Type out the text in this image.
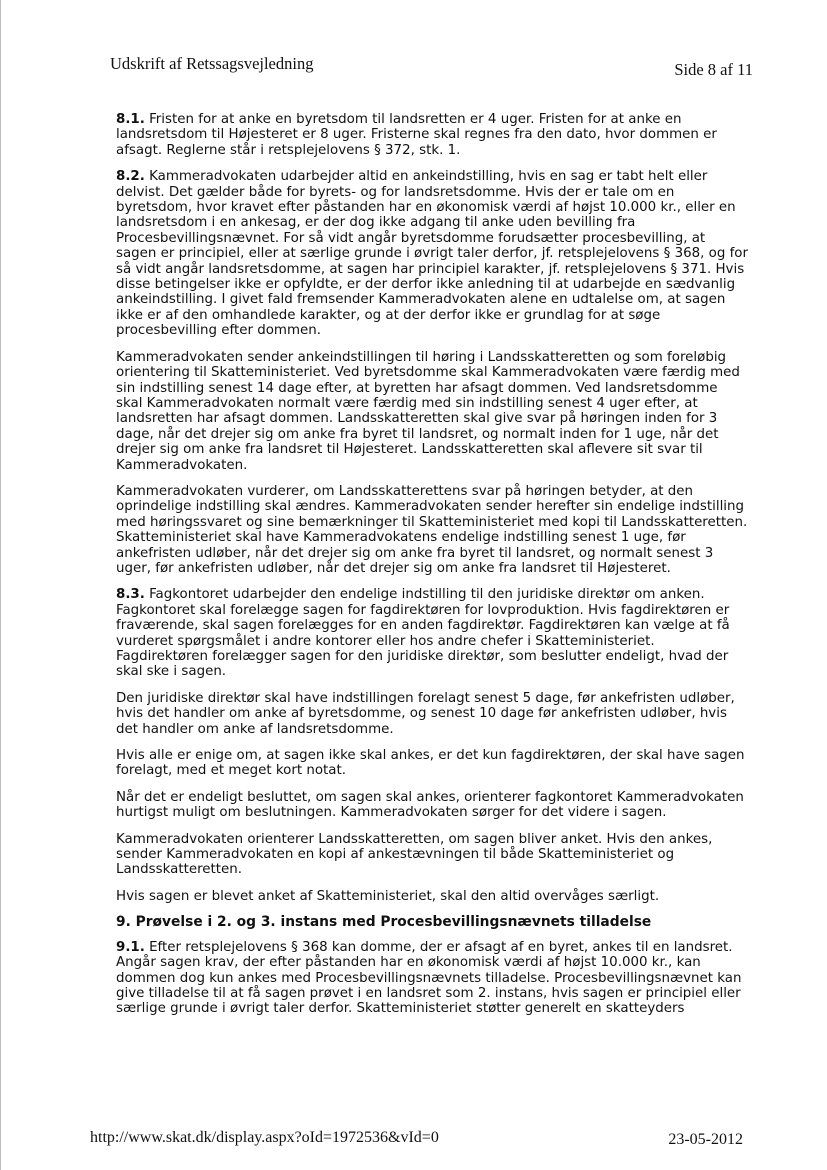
Udskrift af Retssagsvejledning	Side 8 af 11

8.1. Fristen for at anke en byretsdom til landsretten er 4 uger. Fristen for at anke en landsretsdom til Højesteret er 8 uger. Fristerne skal regnes fra den dato, hvor dommen er afsagt. Reglerne står i retsplejelovens § 372, stk. 1.

8.2. Kammeradvokaten udarbejder altid en ankeindstilling, hvis en sag er tabt helt eller delvist. Det gælder både for byrets- og for landsretsdomme. Hvis der er tale om en byretsdom, hvor kravet efter påstanden har en økonomisk værdi af højst 10.000 kr., eller en landsretsdom i en ankesag, er der dog ikke adgang til anke uden bevilling fra Procesbevillingsnævnet. For så vidt angår byretsdomme forudsætter procesbevilling, at sagen er principiel, eller at særlige grunde i øvrigt taler derfor, jf. retsplejelovens § 368, og for så vidt angår landsretsdomme, at sagen har principiel karakter, jf. retsplejelovens § 371. Hvis disse betingelser ikke er opfyldte, er der derfor ikke anledning til at udarbejde en sædvanlig ankeindstilling. I givet fald fremsender Kammeradvokaten alene en udtalelse om, at sagen ikke er af den omhandlede karakter, og at der derfor ikke er grundlag for at søge procesbevilling efter dommen.

Kammeradvokaten sender ankeindstillingen til høring i Landsskatteretten og som foreløbig orientering til Skatteministeriet. Ved byretsdomme skal Kammeradvokaten være færdig med sin indstilling senest 14 dage efter, at byretten har afsagt dommen. Ved landsretsdomme skal Kammeradvokaten normalt være færdig med sin indstilling senest 4 uger efter, at landsretten har afsagt dommen. Landsskatteretten skal give svar på høringen inden for 3 dage, når det drejer sig om anke fra byret til landsret, og normalt inden for 1 uge, når det drejer sig om anke fra landsret til Højesteret. Landsskatteretten skal aflevere sit svar til Kammeradvokaten.

Kammeradvokaten vurderer, om Landsskatterettens svar på høringen betyder, at den oprindelige indstilling skal ændres. Kammeradvokaten sender herefter sin endelige indstilling med høringssvaret og sine bemærkninger til Skatteministeriet med kopi til Landsskatteretten. Skatteministeriet skal have Kammeradvokatens endelige indstilling senest 1 uge, før ankefristen udløber, når det drejer sig om anke fra byret til landsret, og normalt senest 3 uger, før ankefristen udløber, når det drejer sig om anke fra landsret til Højesteret.

8.3. Fagkontoret udarbejder den endelige indstilling til den juridiske direktør om anken. Fagkontoret skal forelægge sagen for fagdirektøren for lovproduktion. Hvis fagdirektøren er fraværende, skal sagen forelægges for en anden fagdirektør. Fagdirektøren kan vælge at få vurderet spørgsmålet i andre kontorer eller hos andre chefer i Skatteministeriet. Fagdirektøren forelægger sagen for den juridiske direktør, som beslutter endeligt, hvad der skal ske i sagen.

Den juridiske direktør skal have indstillingen forelagt senest 5 dage, før ankefristen udløber, hvis det handler om anke af byretsdomme, og senest 10 dage før ankefristen udløber, hvis det handler om anke af landsretsdomme.

Hvis alle er enige om, at sagen ikke skal ankes, er det kun fagdirektøren, der skal have sagen forelagt, med et meget kort notat.

Når det er endeligt besluttet, om sagen skal ankes, orienterer fagkontoret Kammeradvokaten hurtigst muligt om beslutningen. Kammeradvokaten sørger for det videre i sagen.

Kammeradvokaten orienterer Landsskatteretten, om sagen bliver anket. Hvis den ankes, sender Kammeradvokaten en kopi af ankestævningen til både Skatteministeriet og Landsskatteretten.

Hvis sagen er blevet anket af Skatteministeriet, skal den altid overvåges særligt.

9. Prøvelse i 2. og 3. instans med Procesbevillingsnævnets tilladelse

9.1. Efter retsplejelovens § 368 kan domme, der er afsagt af en byret, ankes til en landsret. Angår sagen krav, der efter påstanden har en økonomisk værdi af højst 10.000 kr., kan dommen dog kun ankes med Procesbevillingsnævnets tilladelse. Procesbevillingsnævnet kan give tilladelse til at få sagen prøvet i en landsret som 2. instans, hvis sagen er principiel eller særlige grunde i øvrigt taler derfor. Skatteministeriet støtter generelt en skatteyders

http://www.skat.dk/display.aspx?oId=1972536&vId=0	23-05-2012
